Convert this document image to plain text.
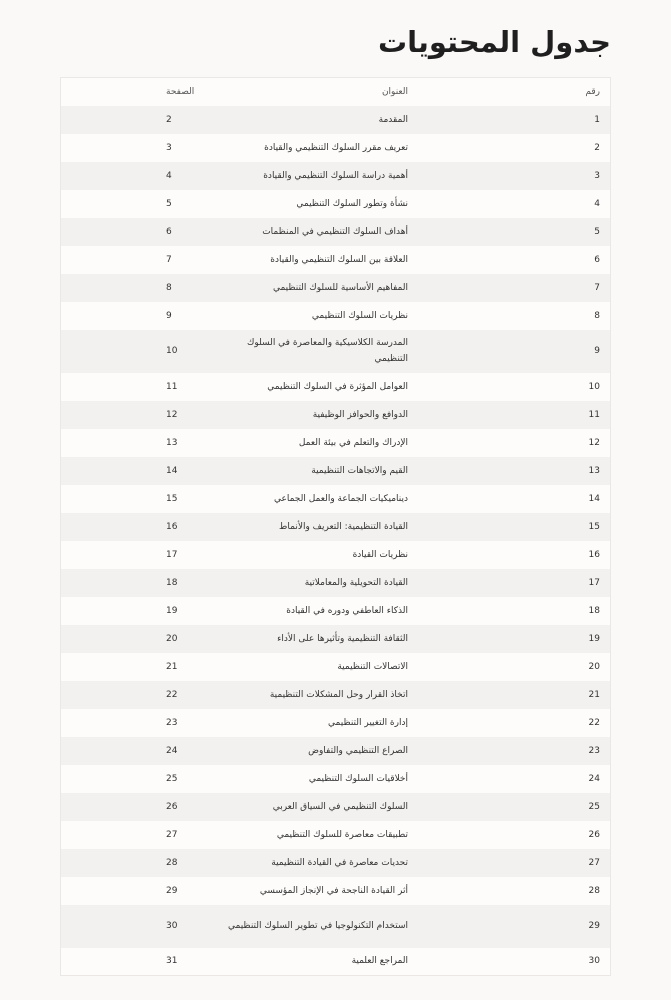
جدول المحتويات
رقم	العنوان	الصفحة
1	المقدمة	2
2	تعريف مقرر السلوك التنظيمي والقيادة	3
3	أهمية دراسة السلوك التنظيمي والقيادة	4
4	نشأة وتطور السلوك التنظيمي	5
5	أهداف السلوك التنظيمي في المنظمات	6
6	العلاقة بين السلوك التنظيمي والقيادة	7
7	المفاهيم الأساسية للسلوك التنظيمي	8
8	نظريات السلوك التنظيمي	9
9	المدرسة الكلاسيكية والمعاصرة في السلوك التنظيمي	10
10	العوامل المؤثرة في السلوك التنظيمي	11
11	الدوافع والحوافز الوظيفية	12
12	الإدراك والتعلم في بيئة العمل	13
13	القيم والاتجاهات التنظيمية	14
14	ديناميكيات الجماعة والعمل الجماعي	15
15	القيادة التنظيمية: التعريف والأنماط	16
16	نظريات القيادة	17
17	القيادة التحويلية والمعاملاتية	18
18	الذكاء العاطفي ودوره في القيادة	19
19	الثقافة التنظيمية وتأثيرها على الأداء	20
20	الاتصالات التنظيمية	21
21	اتخاذ القرار وحل المشكلات التنظيمية	22
22	إدارة التغيير التنظيمي	23
23	الصراع التنظيمي والتفاوض	24
24	أخلاقيات السلوك التنظيمي	25
25	السلوك التنظيمي في السياق العربي	26
26	تطبيقات معاصرة للسلوك التنظيمي	27
27	تحديات معاصرة في القيادة التنظيمية	28
28	أثر القيادة الناجحة في الإنجاز المؤسسي	29
29	استخدام التكنولوجيا في تطوير السلوك التنظيمي	30
30	المراجع العلمية	31
